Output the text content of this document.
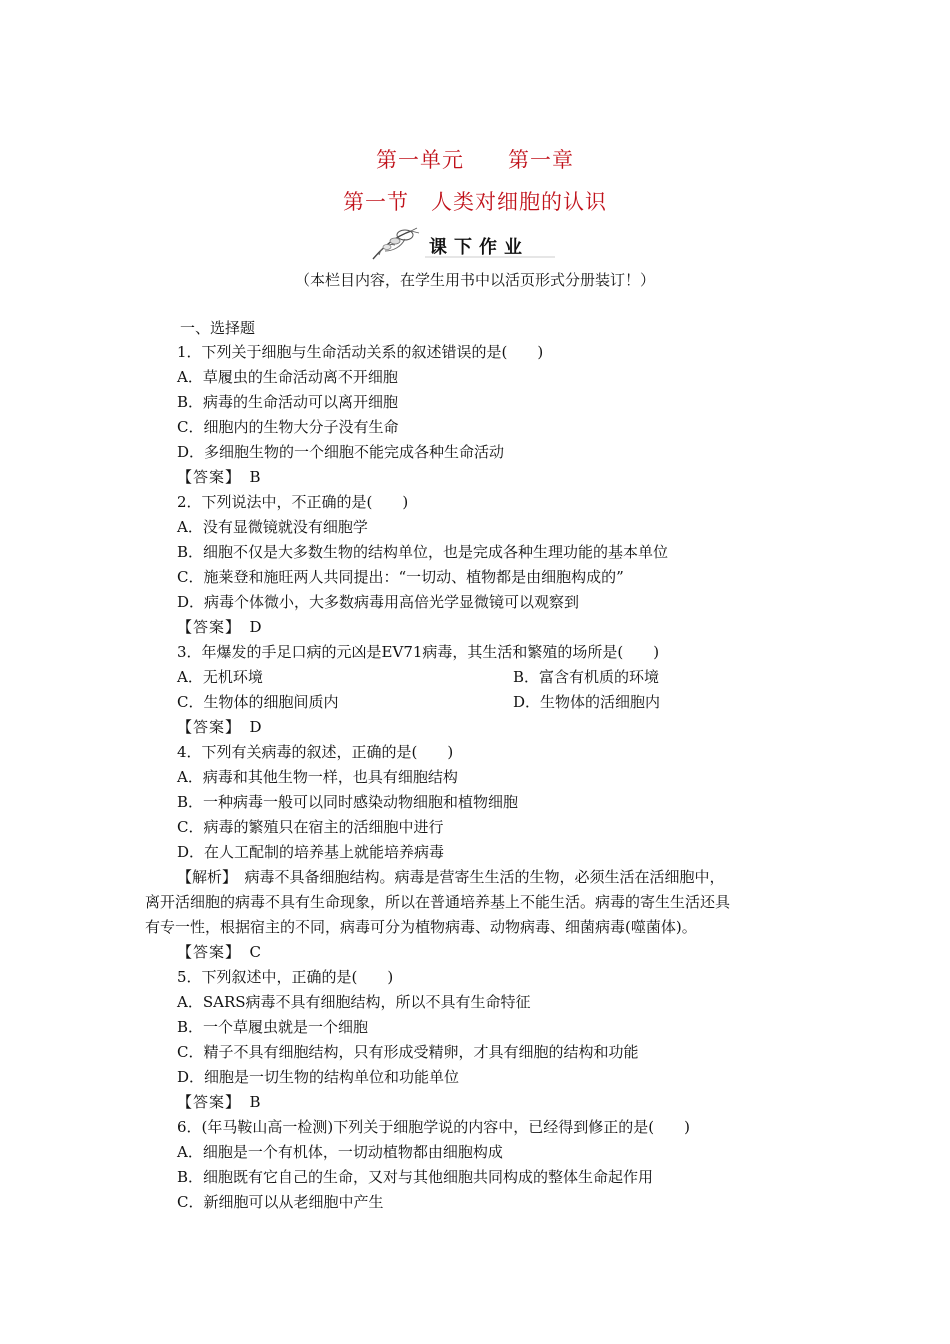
第一单元　　第一章
第一节　人类对细胞的认识
课下作业
（本栏目内容，在学生用书中以活页形式分册装订！）
一、选择题
1．下列关于细胞与生命活动关系的叙述错误的是(　　)
A．草履虫的生命活动离不开细胞
B．病毒的生命活动可以离开细胞
C．细胞内的生物大分子没有生命
D．多细胞生物的一个细胞不能完成各种生命活动
【答案】　B
2．下列说法中，不正确的是(　　)
A．没有显微镜就没有细胞学
B．细胞不仅是大多数生物的结构单位，也是完成各种生理功能的基本单位
C．施莱登和施旺两人共同提出：“一切动、植物都是由细胞构成的”
D．病毒个体微小，大多数病毒用高倍光学显微镜可以观察到
【答案】　D
3．年爆发的手足口病的元凶是EV71病毒，其生活和繁殖的场所是(　　)
A．无机环境	B．富含有机质的环境
C．生物体的细胞间质内	D．生物体的活细胞内
【答案】　D
4．下列有关病毒的叙述，正确的是(　　)
A．病毒和其他生物一样，也具有细胞结构
B．一种病毒一般可以同时感染动物细胞和植物细胞
C．病毒的繁殖只在宿主的活细胞中进行
D．在人工配制的培养基上就能培养病毒
【解析】　病毒不具备细胞结构。病毒是营寄生生活的生物，必须生活在活细胞中，
离开活细胞的病毒不具有生命现象，所以在普通培养基上不能生活。病毒的寄生生活还具
有专一性，根据宿主的不同，病毒可分为植物病毒、动物病毒、细菌病毒(噬菌体)。
【答案】　C
5．下列叙述中，正确的是(　　)
A．SARS病毒不具有细胞结构，所以不具有生命特征
B．一个草履虫就是一个细胞
C．精子不具有细胞结构，只有形成受精卵，才具有细胞的结构和功能
D．细胞是一切生物的结构单位和功能单位
【答案】　B
6．(年马鞍山高一检测)下列关于细胞学说的内容中，已经得到修正的是(　　)
A．细胞是一个有机体，一切动植物都由细胞构成
B．细胞既有它自己的生命，又对与其他细胞共同构成的整体生命起作用
C．新细胞可以从老细胞中产生
